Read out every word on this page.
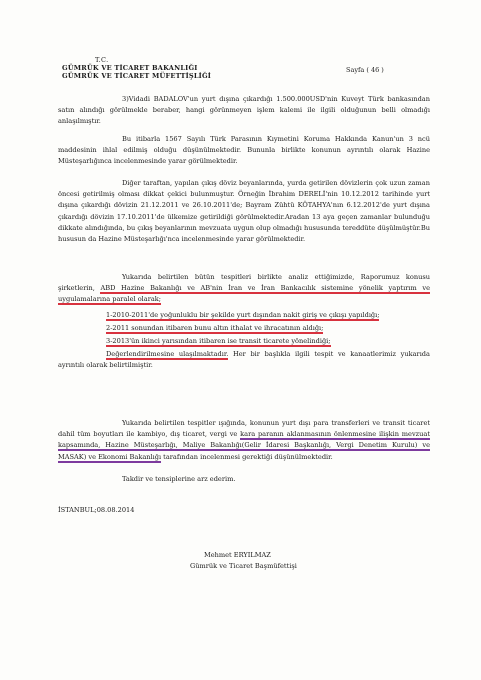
T.C.
GÜMRÜK VE TİCARET BAKANLIĞI
GÜMRÜK VE TİCARET MÜFETTİŞLİĞİ
Sayfa ( 46 )

3)Vidadi BADALOV'un yurt dışına çıkardığı 1.500.000USD'nin Kuveyt Türk bankasından satın alındığı görülmekle beraber, hangi görünmeyen işlem kalemi ile ilgili olduğunun belli olmadığı anlaşılmıştır.

Bu itibarla 1567 Sayılı Türk Parasının Kıymetini Koruma Hakkında Kanun'un 3 ncü maddesinin ihlal edilmiş olduğu düşünülmektedir. Bununla birlikte konunun ayrıntılı olarak Hazine Müsteşarlığınca incelenmesinde yarar görülmektedir.

Diğer taraftan, yapılan çıkış döviz beyanlarında, yurda getirilen dövizlerin çok uzun zaman öncesi getirilmiş olması dikkat çekici bulunmuştur. Örneğin İbrahim DERELİ'nin 10.12.2012 tarihinde yurt dışına çıkardığı dövizin 21.12.2011 ve 26.10.2011'de; Bayram Zühtü KÖTAHYA'nın 6.12.2012'de yurt dışına çıkardığı dövizin 17.10.2011'de ülkemize getirildiği görülmektedir.Aradan 13 aya geçen zamanlar bulunduğu dikkate alındığında, bu çıkış beyanlarının mevzuata uygun olup olmadığı hususunda tereddüte düşülmüştür.Bu hususun da Hazine Müsteşarlığı'nca incelenmesinde yarar görülmektedir.

Yukarıda belirtilen bütün tespitleri birlikte analiz ettiğimizde, Raporumuz konusu şirketlerin, ABD Hazine Bakanlığı ve AB'nin İran ve İran Bankacılık sistemine yönelik yaptırım ve uygulamalarına paralel olarak;

1-2010-2011'de yoğunluklu bir şekilde yurt dışından nakit giriş ve çıkışı yapıldığı;
2-2011 sonundan itibaren bunu altın ithalat ve ihracatının aldığı;
3-2013'ün ikinci yarısından itibaren ise transit ticarete yönelindiği;

Değerlendirilmesine ulaşılmaktadır. Her bir başlıkla ilgili tespit ve kanaatlerimiz yukarıda ayrıntılı olarak belirtilmiştir.

Yukarıda belirtilen tespitler ışığında, konunun yurt dışı para transferleri ve transit ticaret dahil tüm boyutları ile kambiyo, dış ticaret, vergi ve kara paranın aklanmasının önlenmesine ilişkin mevzuat kapsamında, Hazine Müsteşarlığı, Maliye Bakanlığı(Gelir İdaresi Başkanlığı, Vergi Denetim Kurulu) ve MASAK) ve Ekonomi Bakanlığı tarafından incelenmesi gerektiği düşünülmektedir.

Takdir ve tensiplerine arz ederim.

İSTANBUL;08.08.2014
Mehmet ERYILMAZ
Gümrük ve Ticaret Başmüfettişi
